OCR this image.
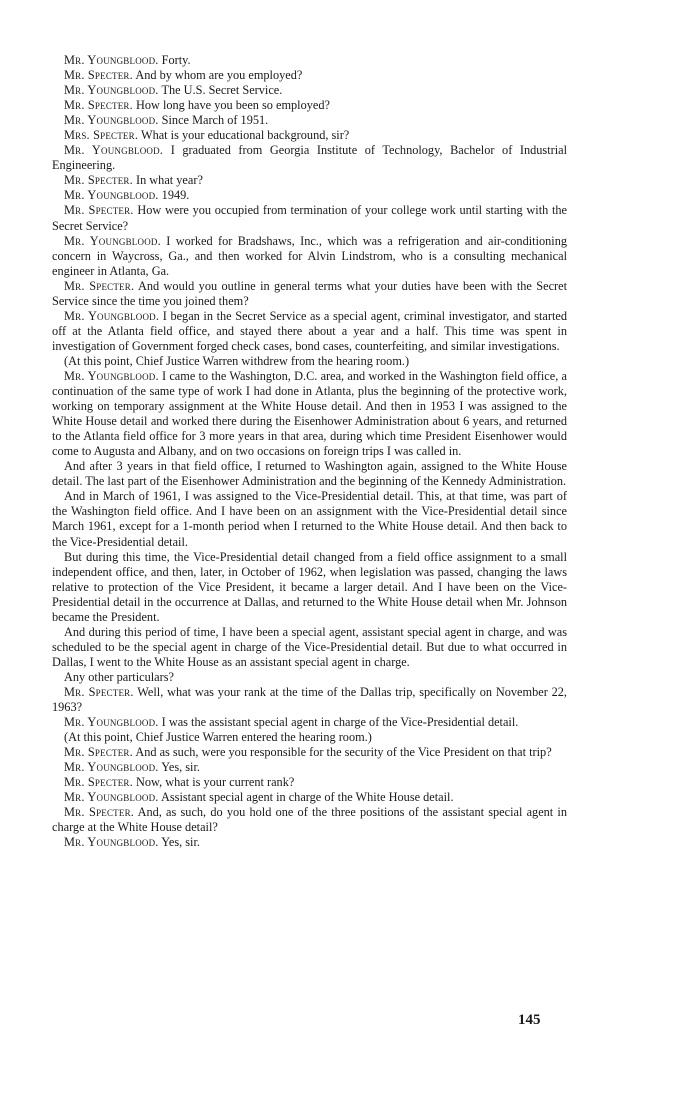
Mr. Youngblood. Forty.

Mr. Specter. And by whom are you employed?

Mr. Youngblood. The U.S. Secret Service.

Mr. Specter. How long have you been so employed?

Mr. Youngblood. Since March of 1951.

Mrs. Specter. What is your educational background, sir?

Mr. Youngblood. I graduated from Georgia Institute of Technology, Bachelor of Industrial Engineering.

Mr. Specter. In what year?

Mr. Youngblood. 1949.

Mr. Specter. How were you occupied from termination of your college work until starting with the Secret Service?

Mr. Youngblood. I worked for Bradshaws, Inc., which was a refrigeration and air-conditioning concern in Waycross, Ga., and then worked for Alvin Lindstrom, who is a consulting mechanical engineer in Atlanta, Ga.

Mr. Specter. And would you outline in general terms what your duties have been with the Secret Service since the time you joined them?

Mr. Youngblood. I began in the Secret Service as a special agent, criminal investigator, and started off at the Atlanta field office, and stayed there about a year and a half. This time was spent in investigation of Government forged check cases, bond cases, counterfeiting, and similar investigations.

(At this point, Chief Justice Warren withdrew from the hearing room.)

Mr. Youngblood. I came to the Washington, D.C. area, and worked in the Washington field office, a continuation of the same type of work I had done in Atlanta, plus the beginning of the protective work, working on temporary assignment at the White House detail. And then in 1953 I was assigned to the White House detail and worked there during the Eisenhower Administration about 6 years, and returned to the Atlanta field office for 3 more years in that area, during which time President Eisenhower would come to Augusta and Albany, and on two occasions on foreign trips I was called in.

And after 3 years in that field office, I returned to Washington again, assigned to the White House detail. The last part of the Eisenhower Administration and the beginning of the Kennedy Administration.

And in March of 1961, I was assigned to the Vice-Presidential detail. This, at that time, was part of the Washington field office. And I have been on an assignment with the Vice-Presidential detail since March 1961, except for a 1-month period when I returned to the White House detail. And then back to the Vice-Presidential detail.

But during this time, the Vice-Presidential detail changed from a field office assignment to a small independent office, and then, later, in October of 1962, when legislation was passed, changing the laws relative to protection of the Vice President, it became a larger detail. And I have been on the Vice-Presidential detail in the occurrence at Dallas, and returned to the White House detail when Mr. Johnson became the President.

And during this period of time, I have been a special agent, assistant special agent in charge, and was scheduled to be the special agent in charge of the Vice-Presidential detail. But due to what occurred in Dallas, I went to the White House as an assistant special agent in charge.

Any other particulars?

Mr. Specter. Well, what was your rank at the time of the Dallas trip, specifically on November 22, 1963?

Mr. Youngblood. I was the assistant special agent in charge of the Vice-Presidential detail.

(At this point, Chief Justice Warren entered the hearing room.)

Mr. Specter. And as such, were you responsible for the security of the Vice President on that trip?

Mr. Youngblood. Yes, sir.

Mr. Specter. Now, what is your current rank?

Mr. Youngblood. Assistant special agent in charge of the White House detail.

Mr. Specter. And, as such, do you hold one of the three positions of the assistant special agent in charge at the White House detail?

Mr. Youngblood. Yes, sir.

145
